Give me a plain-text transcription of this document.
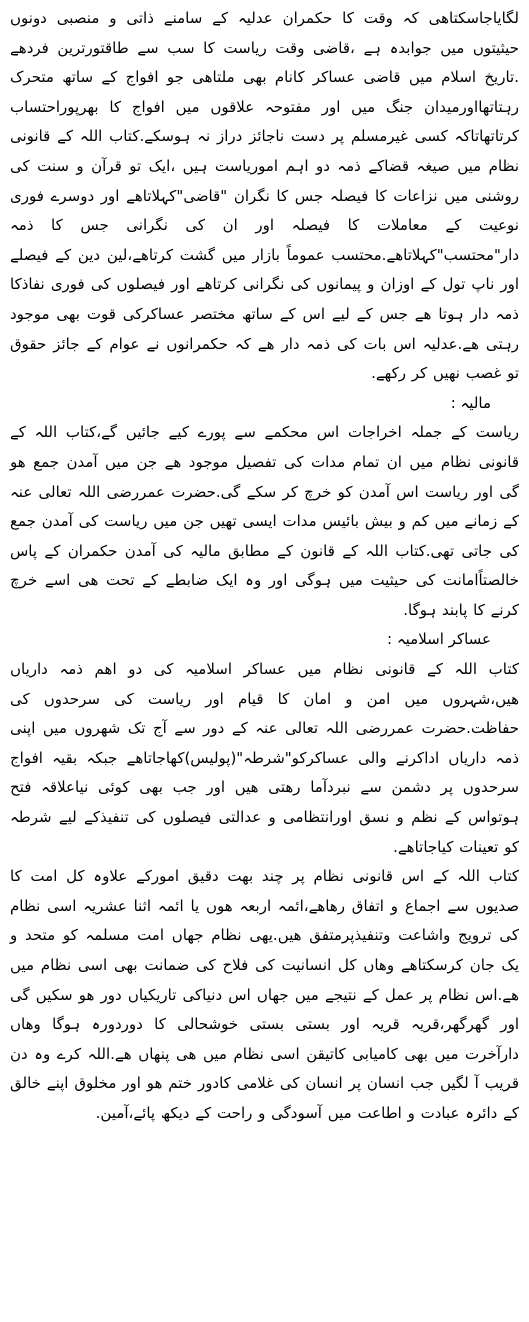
لگایاجاسکتاھی کہ وقت کا حکمران عدلیہ کے سامنے ذاتی و منصبی دونوں حیثیتوں میں جوابدہ ہے ،قاضی وقت ریاست کا سب سے طاقتورترین فردھے .تاریخ اسلام میں قاضی عساکر کانام بھی ملتاھی جو افواج کے ساتھ متحرک رہتاتھااورمیدان جنگ میں اور مفتوحہ علاقوں میں افواج کا بھرپوراحتساب کرتاتھاتاکہ کسی غیرمسلم پر دست ناجائز دراز نہ ہوسکے.کتاب اللہ کے قانونی نظام میں صیغہ قضاکے ذمہ دو اہم اموریاست ہیں ،ایک تو قرآن و سنت کی روشنی میں نزاعات کا فیصلہ جس کا نگران "قاضی"کہلاتاھے اور دوسرے فوری نوعیت کے معاملات کا فیصلہ اور ان کی نگرانی جس کا ذمہ دار"محتسب"کہلاتاھے.محتسب عموماً بازار میں گشت کرتاھے،لین دین کے فیصلے اور ناپ تول کے اوزان و پیمانوں کی نگرانی کرتاھے اور فیصلوں کی فوری نفاذکا ذمہ دار ہوتا ھے جس کے لیے اس کے ساتھ مختصر عساکرکی قوت بھی موجود رہتی ھے.عدلیہ اس بات کی ذمہ دار ھے کہ حکمرانوں نے عوام کے جائز حقوق تو غصب نھیں کر رکھے.

مالیہ :

ریاست کے جملہ اخراجات اس محکمے سے پورے کیے جائیں گے،کتاب اللہ کے قانونی نظام میں ان تمام مدات کی تفصیل موجود ھے جن میں آمدن جمع ھو گی اور ریاست اس آمدن کو خرچ کر سکے گی.حضرت عمررضی اللہ تعالی عنہ کے زمانے میں کم و بیش بائیس مدات ایسی تھیں جن میں ریاست کی آمدن جمع کی جاتی تھی.کتاب اللہ کے قانون کے مطابق مالیہ کی آمدن حکمران کے پاس خالصتاًامانت کی حیثیت میں ہوگی اور وہ ایک ضابطے کے تحت ھی اسے خرچ کرنے کا پابند ہوگا.

عساکر اسلامیہ :

کتاب اللہ کے قانونی نظام میں عساکر اسلامیہ کی دو اھم ذمہ داریاں ھیں،شہروں میں امن و امان کا قیام اور ریاست کی سرحدوں کی حفاظت.حضرت عمررضی اللہ تعالی عنہ کے دور سے آج تک شھروں میں اپنی ذمہ داریاں اداکرنے والی عساکرکو"شرطہ"(پولیس)کھاجاتاھے جبکہ بقیہ افواج سرحدوں پر دشمن سے نبردآما رھتی ھیں اور جب بھی کوئی نیاعلاقہ فتح ہوتواس کے نظم و نسق اورانتظامی و عدالتی فیصلوں کی تنفیذکے لیے شرطہ کو تعینات کیاجاتاھے.

کتاب اللہ کے اس قانونی نظام پر چند بھت دقیق امورکے علاوہ کل امت کا صدیوں سے اجماع و اتفاق رھاھے،ائمہ اربعہ ھوں یا ائمہ اثنا عشریہ اسی نظام کی ترویج واشاعت وتنفیذپرمتفق ھیں.یھی نظام جھاں امت مسلمہ کو متحد و یک جان کرسکتاھے وھاں کل انسانیت کی فلاح کی ضمانت بھی اسی نظام میں ھے.اس نظام پر عمل کے نتیجے میں جھاں اس دنیاکی تاریکیاں دور ھو سکیں گی اور گھرگھر،قریہ قریہ اور بستی بستی خوشحالی کا دوردورہ ہوگا وھاں دارآخرت میں بھی کامیابی کاتیقن اسی نظام میں ھی پنھاں ھے.اللہ کرے وہ دن قریب آ لگیں جب انسان پر انسان کی غلامی کادور ختم ھو اور مخلوق اپنے خالق کے دائرہ عبادت و اطاعت میں آسودگی و راحت کے دیکھ پائے،آمین.
